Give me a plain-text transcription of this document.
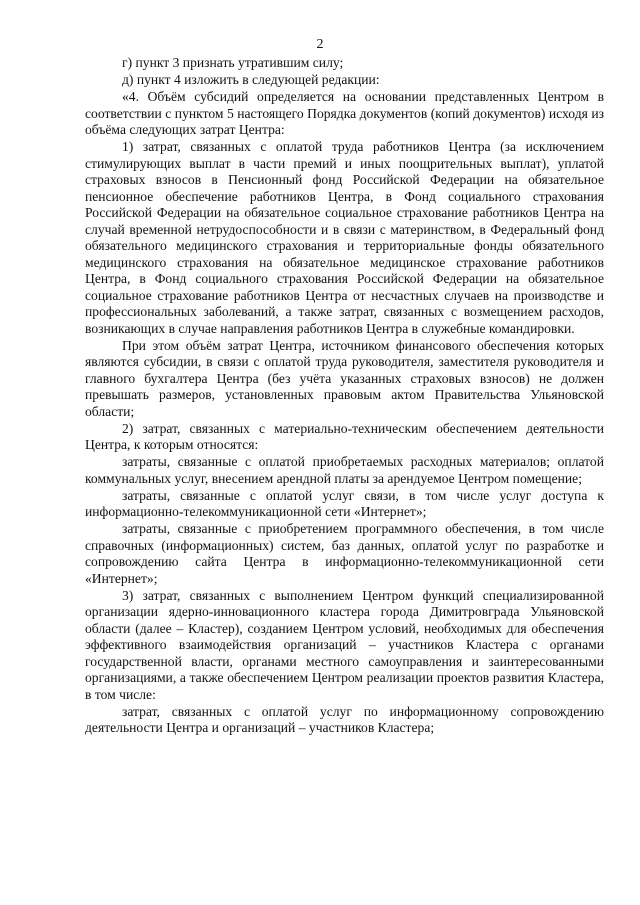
2

г) пункт 3 признать утратившим силу;

д) пункт 4 изложить в следующей редакции:

«4. Объём субсидий определяется на основании представленных Центром в соответствии с пунктом 5 настоящего Порядка документов (копий документов) исходя из объёма следующих затрат Центра:

1) затрат, связанных с оплатой труда работников Центра (за исключением стимулирующих выплат в части премий и иных поощрительных выплат), уплатой страховых взносов в Пенсионный фонд Российской Федерации на обязательное пенсионное обеспечение работников Центра, в Фонд социального страхования Российской Федерации на обязательное социальное страхование работников Центра на случай временной нетрудоспособности и в связи с материнством, в Федеральный фонд обязательного медицинского страхования и территориальные фонды обязательного медицинского страхования на обязательное медицинское страхование работников Центра, в Фонд социального страхования Российской Федерации на обязательное социальное страхование работников Центра от несчастных случаев на производстве и профессиональных заболеваний, а также затрат, связанных с возмещением расходов, возникающих в случае направления работников Центра в служебные командировки.

При этом объём затрат Центра, источником финансового обеспечения которых являются субсидии, в связи с оплатой труда руководителя, заместителя руководителя и главного бухгалтера Центра (без учёта указанных страховых взносов) не должен превышать размеров, установленных правовым актом Правительства Ульяновской области;

2) затрат, связанных с материально-техническим обеспечением деятельности Центра, к которым относятся:

затраты, связанные с оплатой приобретаемых расходных материалов; оплатой коммунальных услуг, внесением арендной платы за арендуемое Центром помещение;

затраты, связанные с оплатой услуг связи, в том числе услуг доступа к информационно-телекоммуникационной сети «Интернет»;

затраты, связанные с приобретением программного обеспечения, в том числе справочных (информационных) систем, баз данных, оплатой услуг по разработке и сопровождению сайта Центра в информационно-телекоммуникационной сети «Интернет»;

3) затрат, связанных с выполнением Центром функций специализированной организации ядерно-инновационного кластера города Димитровграда Ульяновской области (далее – Кластер), созданием Центром условий, необходимых для обеспечения эффективного взаимодействия организаций – участников Кластера с органами государственной власти, органами местного самоуправления и заинтересованными организациями, а также обеспечением Центром реализации проектов развития Кластера, в том числе:

затрат, связанных с оплатой услуг по информационному сопровождению деятельности Центра и организаций – участников Кластера;
